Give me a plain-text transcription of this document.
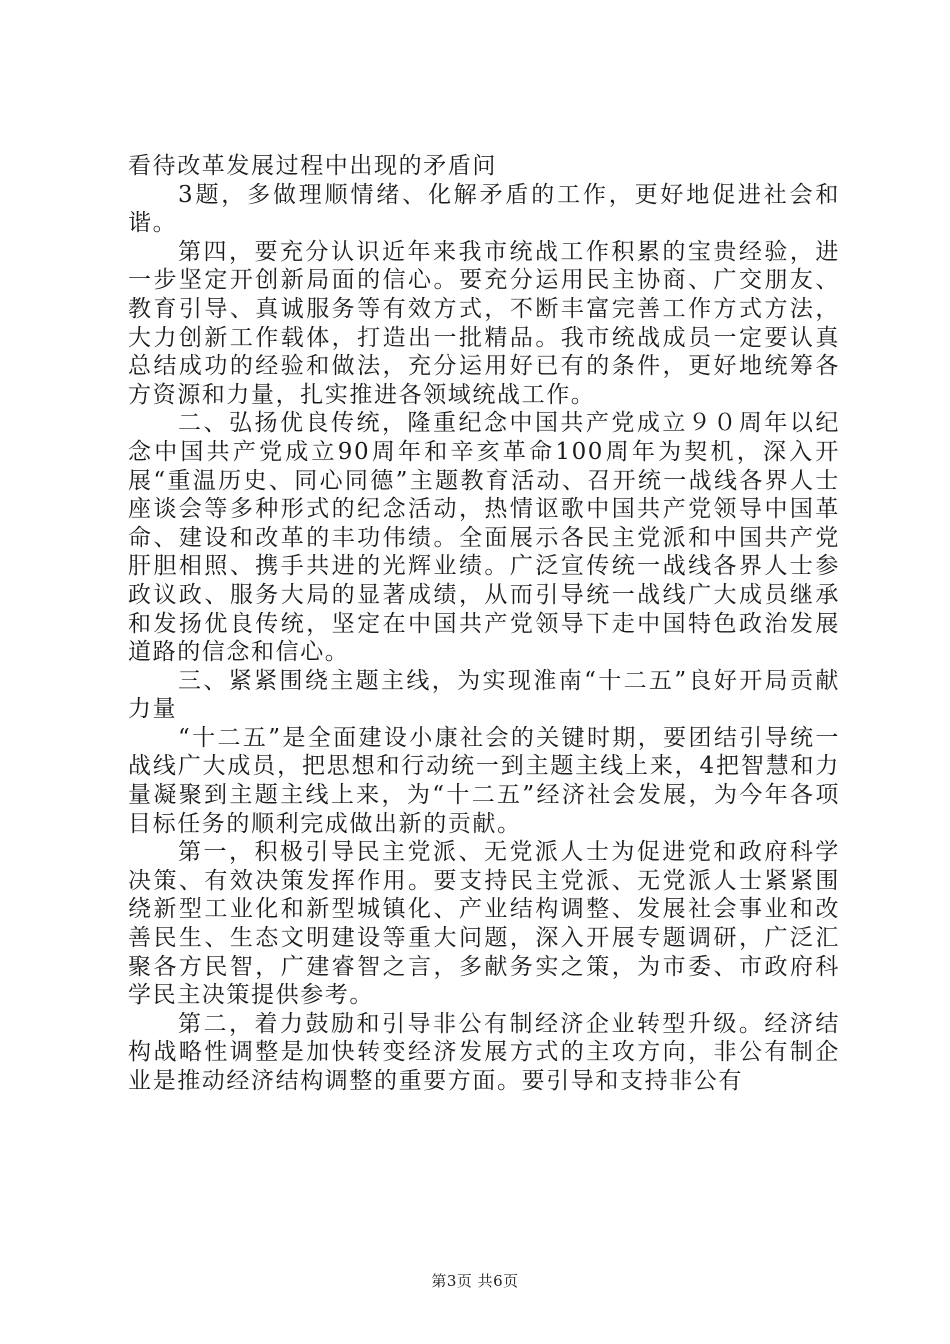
看待改革发展过程中出现的矛盾问

3题，多做理顺情绪、化解矛盾的工作，更好地促进社会和谐。

第四，要充分认识近年来我市统战工作积累的宝贵经验，进一步坚定开创新局面的信心。要充分运用民主协商、广交朋友、教育引导、真诚服务等有效方式，不断丰富完善工作方式方法，大力创新工作载体，打造出一批精品。我市统战成员一定要认真总结成功的经验和做法，充分运用好已有的条件，更好地统筹各方资源和力量，扎实推进各领域统战工作。

二、弘扬优良传统，隆重纪念中国共产党成立９０周年以纪念中国共产党成立90周年和辛亥革命100周年为契机，深入开展“重温历史、同心同德”主题教育活动、召开统一战线各界人士座谈会等多种形式的纪念活动，热情讴歌中国共产党领导中国革命、建设和改革的丰功伟绩。全面展示各民主党派和中国共产党肝胆相照、携手共进的光辉业绩。广泛宣传统一战线各界人士参政议政、服务大局的显著成绩，从而引导统一战线广大成员继承和发扬优良传统，坚定在中国共产党领导下走中国特色政治发展道路的信念和信心。

三、紧紧围绕主题主线，为实现淮南“十二五”良好开局贡献力量

“十二五”是全面建设小康社会的关键时期，要团结引导统一战线广大成员，把思想和行动统一到主题主线上来，4把智慧和力量凝聚到主题主线上来，为“十二五”经济社会发展，为今年各项目标任务的顺利完成做出新的贡献。

第一，积极引导民主党派、无党派人士为促进党和政府科学决策、有效决策发挥作用。要支持民主党派、无党派人士紧紧围绕新型工业化和新型城镇化、产业结构调整、发展社会事业和改善民生、生态文明建设等重大问题，深入开展专题调研，广泛汇聚各方民智，广建睿智之言，多献务实之策，为市委、市政府科学民主决策提供参考。

第二，着力鼓励和引导非公有制经济企业转型升级。经济结构战略性调整是加快转变经济发展方式的主攻方向，非公有制企业是推动经济结构调整的重要方面。要引导和支持非公有

第3页 共6页
